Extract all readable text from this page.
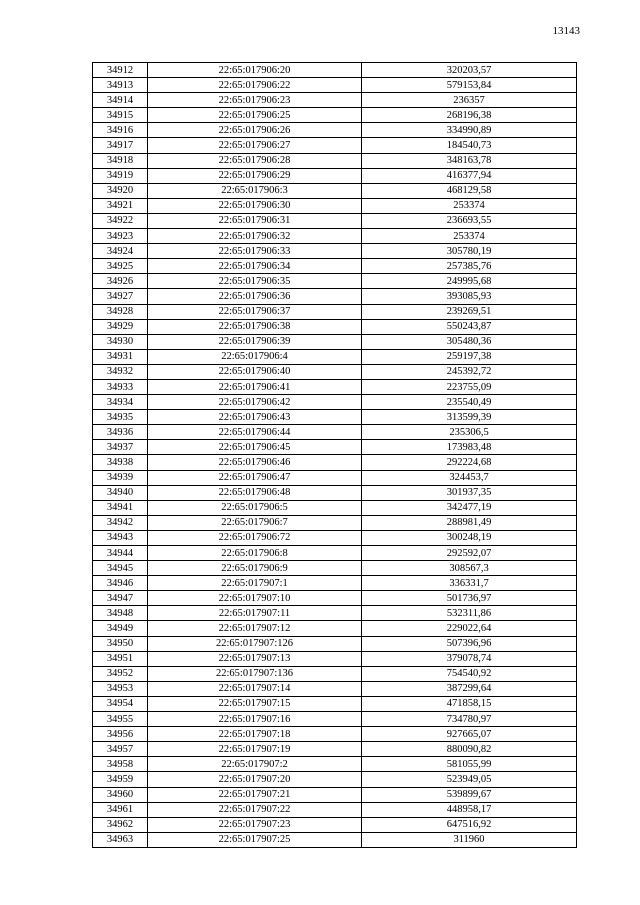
13143
34912	22:65:017906:20	320203,57
34913	22:65:017906:22	579153,84
34914	22:65:017906:23	236357
34915	22:65:017906:25	268196,38
34916	22:65:017906:26	334990,89
34917	22:65:017906:27	184540,73
34918	22:65:017906:28	348163,78
34919	22:65:017906:29	416377,94
34920	22:65:017906:3	468129,58
34921	22:65:017906:30	253374
34922	22:65:017906:31	236693,55
34923	22:65:017906:32	253374
34924	22:65:017906:33	305780,19
34925	22:65:017906:34	257385,76
34926	22:65:017906:35	249995,68
34927	22:65:017906:36	393085,93
34928	22:65:017906:37	239269,51
34929	22:65:017906:38	550243,87
34930	22:65:017906:39	305480,36
34931	22:65:017906:4	259197,38
34932	22:65:017906:40	245392,72
34933	22:65:017906:41	223755,09
34934	22:65:017906:42	235540,49
34935	22:65:017906:43	313599,39
34936	22:65:017906:44	235306,5
34937	22:65:017906:45	173983,48
34938	22:65:017906:46	292224,68
34939	22:65:017906:47	324453,7
34940	22:65:017906:48	301937,35
34941	22:65:017906:5	342477,19
34942	22:65:017906:7	288981,49
34943	22:65:017906:72	300248,19
34944	22:65:017906:8	292592,07
34945	22:65:017906:9	308567,3
34946	22:65:017907:1	336331,7
34947	22:65:017907:10	501736,97
34948	22:65:017907:11	532311,86
34949	22:65:017907:12	229022,64
34950	22:65:017907:126	507396,96
34951	22:65:017907:13	379078,74
34952	22:65:017907:136	754540,92
34953	22:65:017907:14	387299,64
34954	22:65:017907:15	471858,15
34955	22:65:017907:16	734780,97
34956	22:65:017907:18	927665,07
34957	22:65:017907:19	880090,82
34958	22:65:017907:2	581055,99
34959	22:65:017907:20	523949,05
34960	22:65:017907:21	539899,67
34961	22:65:017907:22	448958,17
34962	22:65:017907:23	647516,92
34963	22:65:017907:25	311960
